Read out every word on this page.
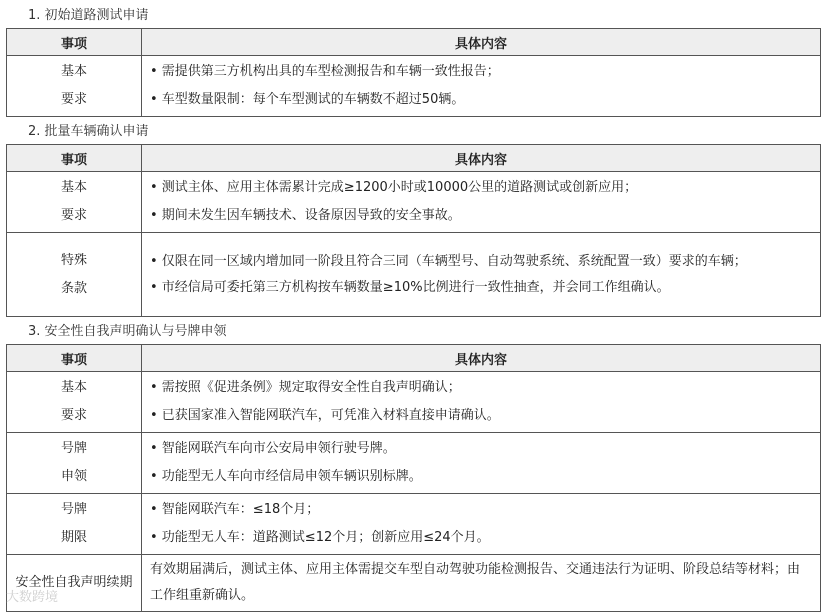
1. 初始道路测试申请
事项	具体内容

基本
要求	• 需提供第三方机构出具的车型检测报告和车辆一致性报告；
• 车型数量限制：每个车型测试的车辆数不超过50辆。
2. 批量车辆确认申请
事项	具体内容

基本
要求	• 测试主体、应用主体需累计完成≥1200小时或10000公里的道路测试或创新应用；
• 期间未发生因车辆技术、设备原因导致的安全事故。

特殊
条款	• 仅限在同一区域内增加同一阶段且符合三同（车辆型号、自动驾驶系统、系统配置一致）要求的车辆；
• 市经信局可委托第三方机构按车辆数量≥10%比例进行一致性抽查，并会同工作组确认。
3. 安全性自我声明确认与号牌申领
事项	具体内容

基本
要求	• 需按照《促进条例》规定取得安全性自我声明确认；
• 已获国家准入智能网联汽车，可凭准入材料直接申请确认。

号牌
申领	• 智能网联汽车向市公安局申领行驶号牌。
• 功能型无人车向市经信局申领车辆识别标牌。

号牌
期限	• 智能网联汽车：≤18个月；
• 功能型无人车：道路测试≤12个月；创新应用≤24个月。

安全性自我声明续期	有效期届满后，测试主体、应用主体需提交车型自动驾驶功能检测报告、交通违法行为证明、阶段总结等材料；由工作组重新确认。
大数跨境
